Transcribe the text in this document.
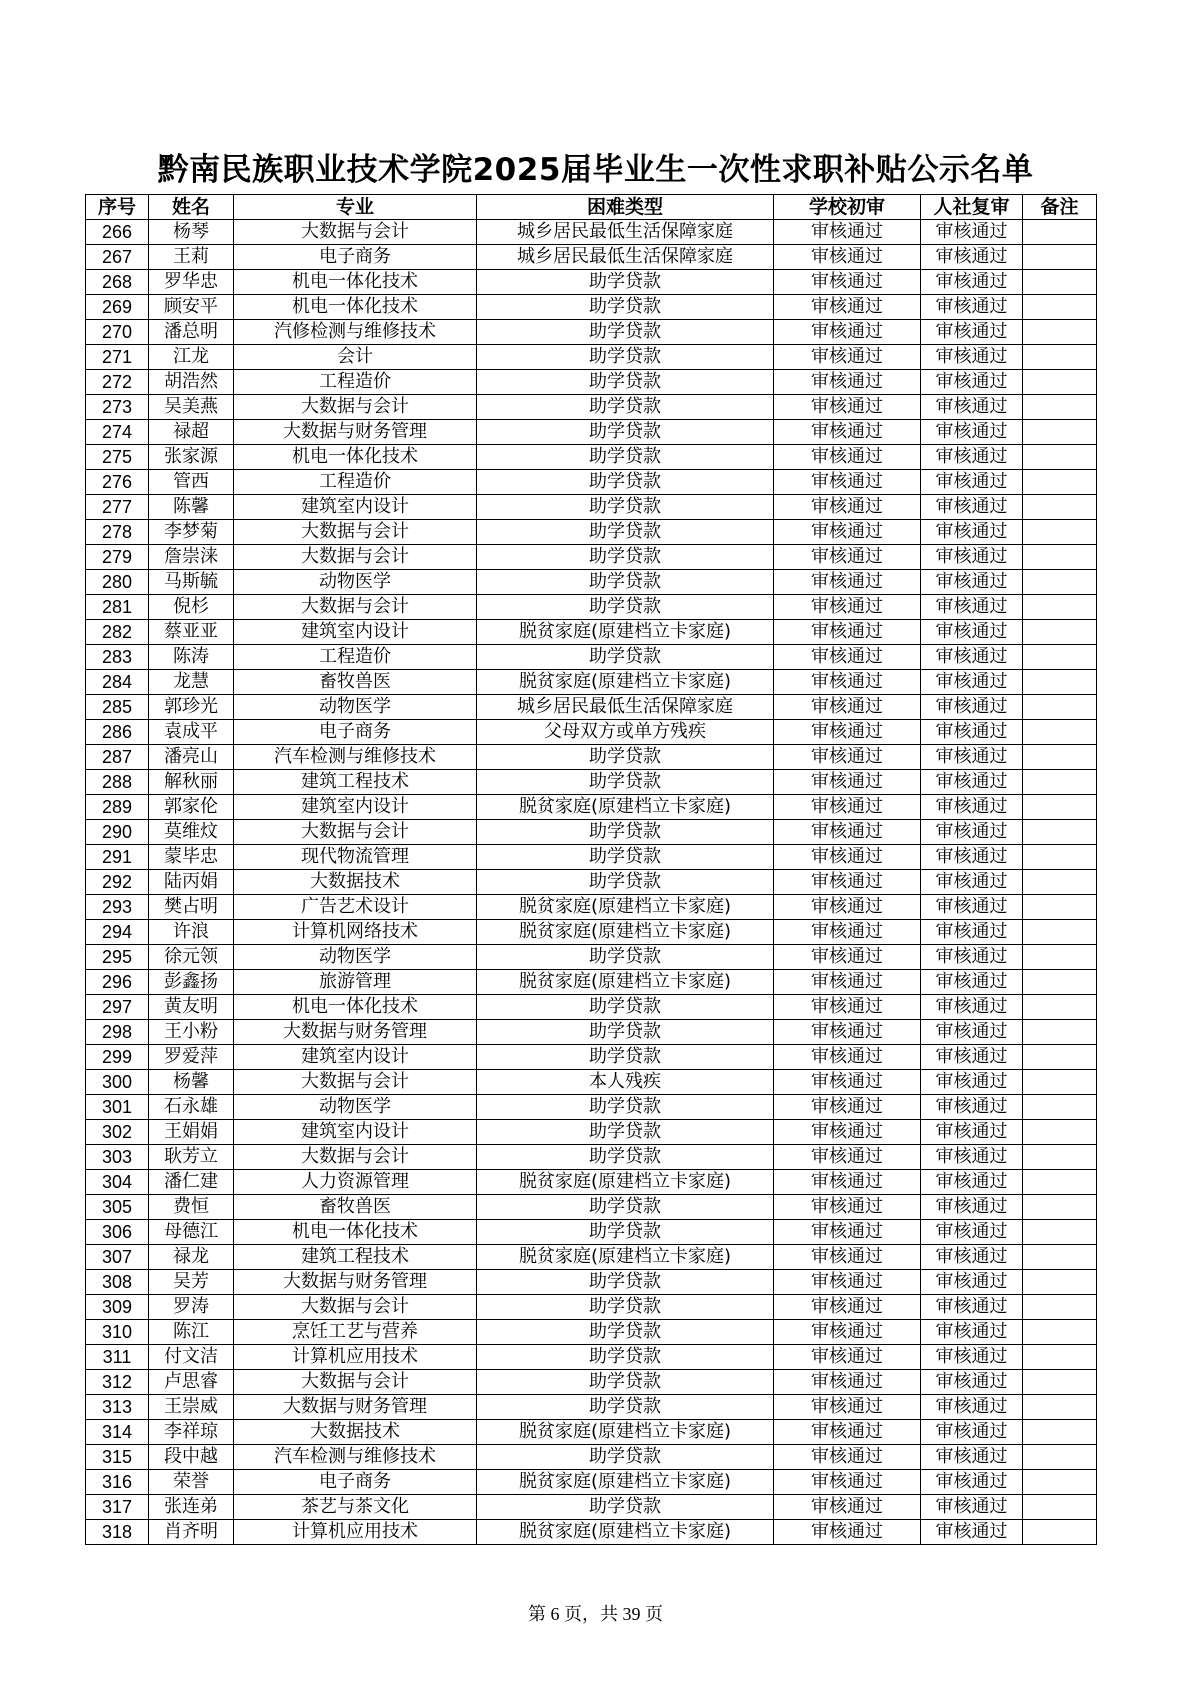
黔南民族职业技术学院2025届毕业生一次性求职补贴公示名单
序号	姓名	专业	困难类型	学校初审	人社复审	备注
266	杨琴	大数据与会计	城乡居民最低生活保障家庭	审核通过	审核通过	
267	王莉	电子商务	城乡居民最低生活保障家庭	审核通过	审核通过	
268	罗华忠	机电一体化技术	助学贷款	审核通过	审核通过	
269	顾安平	机电一体化技术	助学贷款	审核通过	审核通过	
270	潘总明	汽修检测与维修技术	助学贷款	审核通过	审核通过	
271	江龙	会计	助学贷款	审核通过	审核通过	
272	胡浩然	工程造价	助学贷款	审核通过	审核通过	
273	吴美燕	大数据与会计	助学贷款	审核通过	审核通过	
274	禄超	大数据与财务管理	助学贷款	审核通过	审核通过	
275	张家源	机电一体化技术	助学贷款	审核通过	审核通过	
276	管西	工程造价	助学贷款	审核通过	审核通过	
277	陈馨	建筑室内设计	助学贷款	审核通过	审核通过	
278	李梦菊	大数据与会计	助学贷款	审核通过	审核通过	
279	詹崇涞	大数据与会计	助学贷款	审核通过	审核通过	
280	马斯毓	动物医学	助学贷款	审核通过	审核通过	
281	倪杉	大数据与会计	助学贷款	审核通过	审核通过	
282	蔡亚亚	建筑室内设计	脱贫家庭(原建档立卡家庭)	审核通过	审核通过	
283	陈涛	工程造价	助学贷款	审核通过	审核通过	
284	龙慧	畜牧兽医	脱贫家庭(原建档立卡家庭)	审核通过	审核通过	
285	郭珍光	动物医学	城乡居民最低生活保障家庭	审核通过	审核通过	
286	袁成平	电子商务	父母双方或单方残疾	审核通过	审核通过	
287	潘亮山	汽车检测与维修技术	助学贷款	审核通过	审核通过	
288	解秋丽	建筑工程技术	助学贷款	审核通过	审核通过	
289	郭家伦	建筑室内设计	脱贫家庭(原建档立卡家庭)	审核通过	审核通过	
290	莫维炆	大数据与会计	助学贷款	审核通过	审核通过	
291	蒙毕忠	现代物流管理	助学贷款	审核通过	审核通过	
292	陆丙娟	大数据技术	助学贷款	审核通过	审核通过	
293	樊占明	广告艺术设计	脱贫家庭(原建档立卡家庭)	审核通过	审核通过	
294	许浪	计算机网络技术	脱贫家庭(原建档立卡家庭)	审核通过	审核通过	
295	徐元领	动物医学	助学贷款	审核通过	审核通过	
296	彭鑫扬	旅游管理	脱贫家庭(原建档立卡家庭)	审核通过	审核通过	
297	黄友明	机电一体化技术	助学贷款	审核通过	审核通过	
298	王小粉	大数据与财务管理	助学贷款	审核通过	审核通过	
299	罗爱萍	建筑室内设计	助学贷款	审核通过	审核通过	
300	杨馨	大数据与会计	本人残疾	审核通过	审核通过	
301	石永雄	动物医学	助学贷款	审核通过	审核通过	
302	王娟娟	建筑室内设计	助学贷款	审核通过	审核通过	
303	耿芳立	大数据与会计	助学贷款	审核通过	审核通过	
304	潘仁建	人力资源管理	脱贫家庭(原建档立卡家庭)	审核通过	审核通过	
305	费恒	畜牧兽医	助学贷款	审核通过	审核通过	
306	母德江	机电一体化技术	助学贷款	审核通过	审核通过	
307	禄龙	建筑工程技术	脱贫家庭(原建档立卡家庭)	审核通过	审核通过	
308	吴芳	大数据与财务管理	助学贷款	审核通过	审核通过	
309	罗涛	大数据与会计	助学贷款	审核通过	审核通过	
310	陈江	烹饪工艺与营养	助学贷款	审核通过	审核通过	
311	付文洁	计算机应用技术	助学贷款	审核通过	审核通过	
312	卢思睿	大数据与会计	助学贷款	审核通过	审核通过	
313	王崇威	大数据与财务管理	助学贷款	审核通过	审核通过	
314	李祥琼	大数据技术	脱贫家庭(原建档立卡家庭)	审核通过	审核通过	
315	段中越	汽车检测与维修技术	助学贷款	审核通过	审核通过	
316	荣誉	电子商务	脱贫家庭(原建档立卡家庭)	审核通过	审核通过	
317	张连弟	茶艺与茶文化	助学贷款	审核通过	审核通过	
318	肖齐明	计算机应用技术	脱贫家庭(原建档立卡家庭)	审核通过	审核通过	
第 6 页，共 39 页
